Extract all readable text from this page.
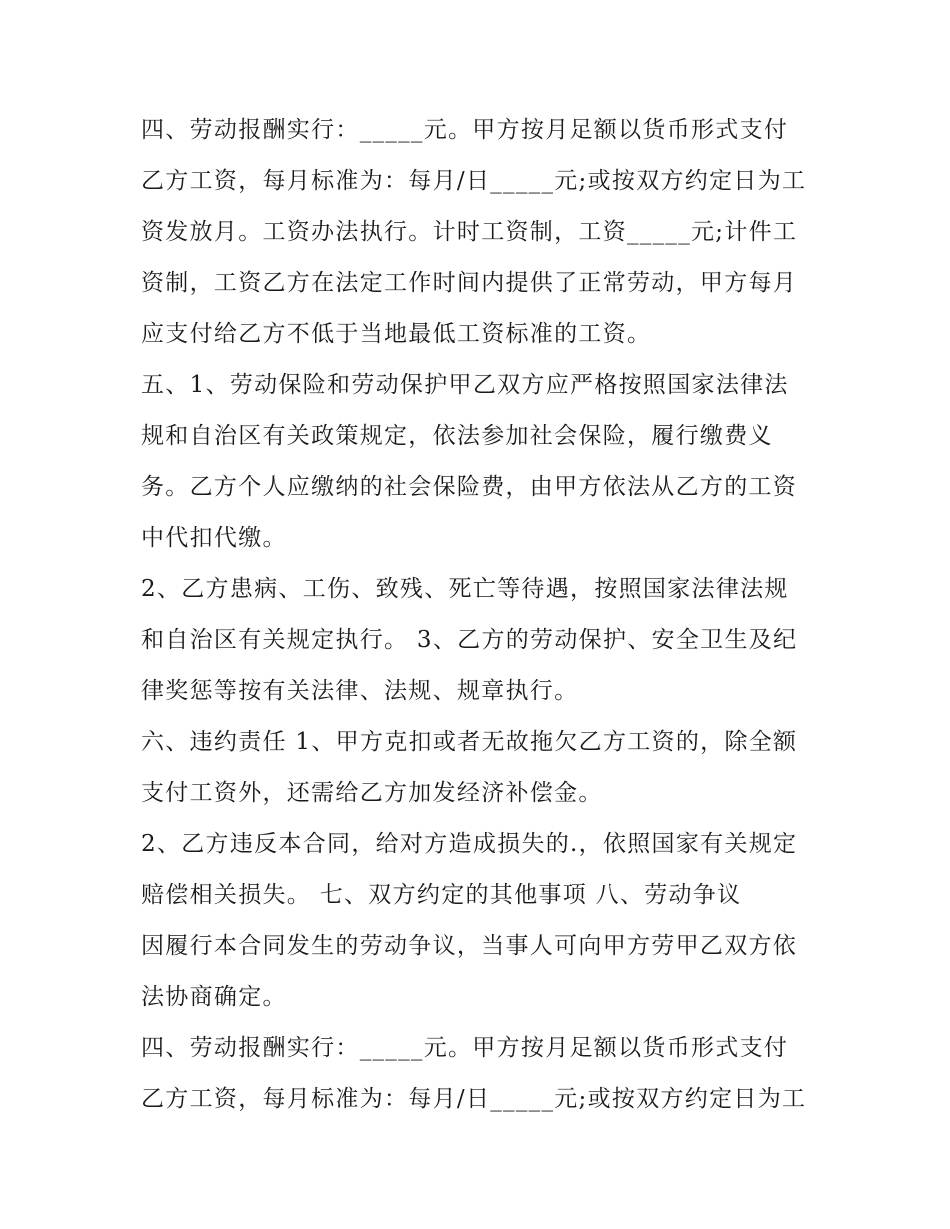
四、劳动报酬实行：_____元。甲方按月足额以货币形式支付
乙方工资，每月标准为：每月/日_____元;或按双方约定日为工
资发放月。工资办法执行。计时工资制，工资_____元;计件工
资制，工资乙方在法定工作时间内提供了正常劳动，甲方每月
应支付给乙方不低于当地最低工资标准的工资。
五、1、劳动保险和劳动保护甲乙双方应严格按照国家法律法
规和自治区有关政策规定，依法参加社会保险，履行缴费义
务。乙方个人应缴纳的社会保险费，由甲方依法从乙方的工资
中代扣代缴。
2、乙方患病、工伤、致残、死亡等待遇，按照国家法律法规
和自治区有关规定执行。 3、乙方的劳动保护、安全卫生及纪
律奖惩等按有关法律、法规、规章执行。
六、违约责任 1、甲方克扣或者无故拖欠乙方工资的，除全额
支付工资外，还需给乙方加发经济补偿金。
2、乙方违反本合同，给对方造成损失的.，依照国家有关规定
赔偿相关损失。 七、双方约定的其他事项 八、劳动争议
因履行本合同发生的劳动争议，当事人可向甲方劳甲乙双方依
法协商确定。
四、劳动报酬实行：_____元。甲方按月足额以货币形式支付
乙方工资，每月标准为：每月/日_____元;或按双方约定日为工
